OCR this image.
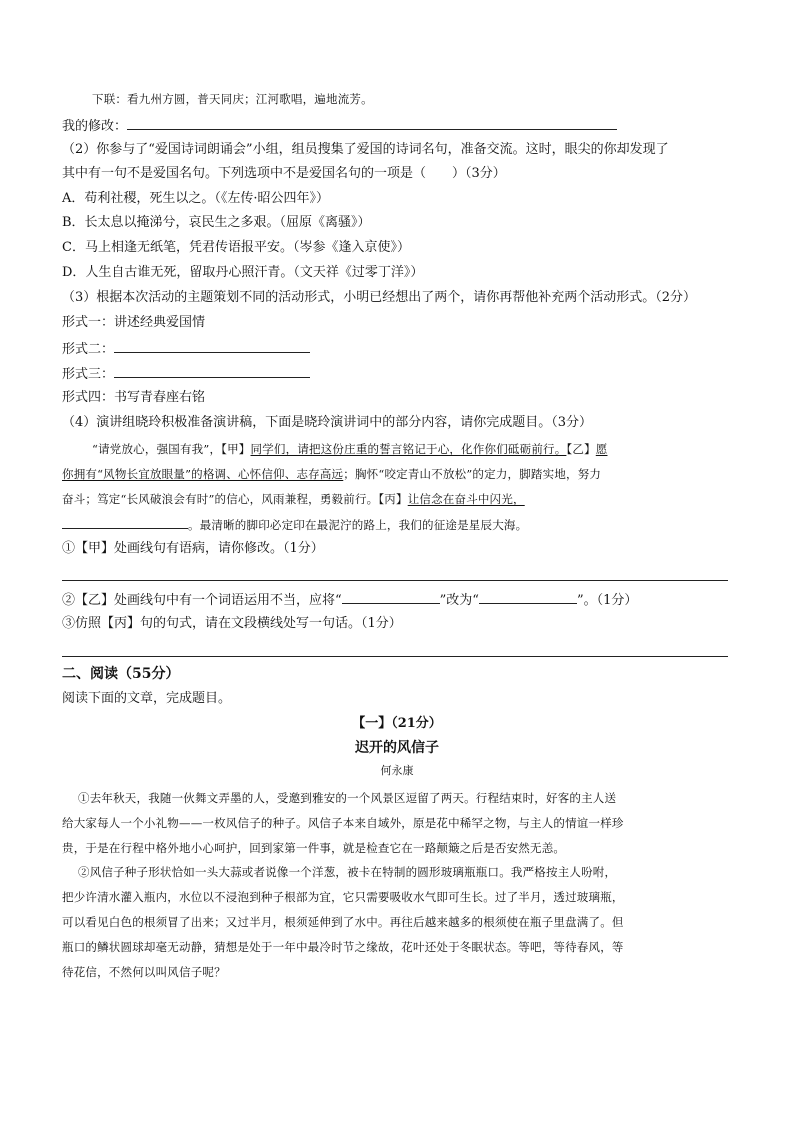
下联：看九州方圆，普天同庆；江河歌唱，遍地流芳。
我的修改：
（2）你参与了“爱国诗词朗诵会”小组，组员搜集了爱国的诗词名句，准备交流。这时，眼尖的你却发现了
其中有一句不是爱国名句。下列选项中不是爱国名句的一项是（　　）（3分）
A．苟利社稷，死生以之。（《左传·昭公四年》）
B．长太息以掩涕兮，哀民生之多艰。（屈原《离骚》）
C．马上相逢无纸笔，凭君传语报平安。（岑参《逢入京使》）
D．人生自古谁无死，留取丹心照汗青。（文天祥《过零丁洋》）
（3）根据本次活动的主题策划不同的活动形式，小明已经想出了两个，请你再帮他补充两个活动形式。（2分）
形式一：讲述经典爱国情
形式二：
形式三：
形式四：书写青春座右铭
（4）演讲组晓玲积极准备演讲稿，下面是晓玲演讲词中的部分内容，请你完成题目。（3分）
“请党放心，强国有我”，【甲】同学们，请把这份庄重的誓言铭记于心，化作你们砥砺前行。【乙】愿
你拥有“风物长宜放眼量”的格调、心怀信仰、志存高远；胸怀“咬定青山不放松”的定力，脚踏实地，努力
奋斗；笃定“长风破浪会有时”的信心，风雨兼程，勇毅前行。【丙】让信念在奋斗中闪光，
。最清晰的脚印必定印在最泥泞的路上，我们的征途是星辰大海。
①【甲】处画线句有语病，请你修改。（1分）
②【乙】处画线句中有一个词语运用不当，应将“	”改为“	”。（1分）
③仿照【丙】句的句式，请在文段横线处写一句话。（1分）
二、阅读（55分）
阅读下面的文章，完成题目。
【一】（21分）
迟开的风信子
何永康
①去年秋天，我随一伙舞文弄墨的人，受邀到雅安的一个风景区逗留了两天。行程结束时，好客的主人送
给大家每人一个小礼物——一枚风信子的种子。风信子本来自域外，原是花中稀罕之物，与主人的情谊一样珍
贵，于是在行程中格外地小心呵护，回到家第一件事，就是检查它在一路颠簸之后是否安然无恙。
②风信子种子形状恰如一头大蒜或者说像一个洋葱，被卡在特制的圆形玻璃瓶瓶口。我严格按主人吩咐，
把少许清水灌入瓶内，水位以不浸泡到种子根部为宜，它只需要吸收水气即可生长。过了半月，透过玻璃瓶，
可以看见白色的根须冒了出来；又过半月，根须延伸到了水中。再往后越来越多的根须使在瓶子里盘满了。但
瓶口的鳞状圆球却毫无动静，猜想是处于一年中最冷时节之缘故，花叶还处于冬眠状态。等吧，等待春风，等
待花信，不然何以叫风信子呢？
